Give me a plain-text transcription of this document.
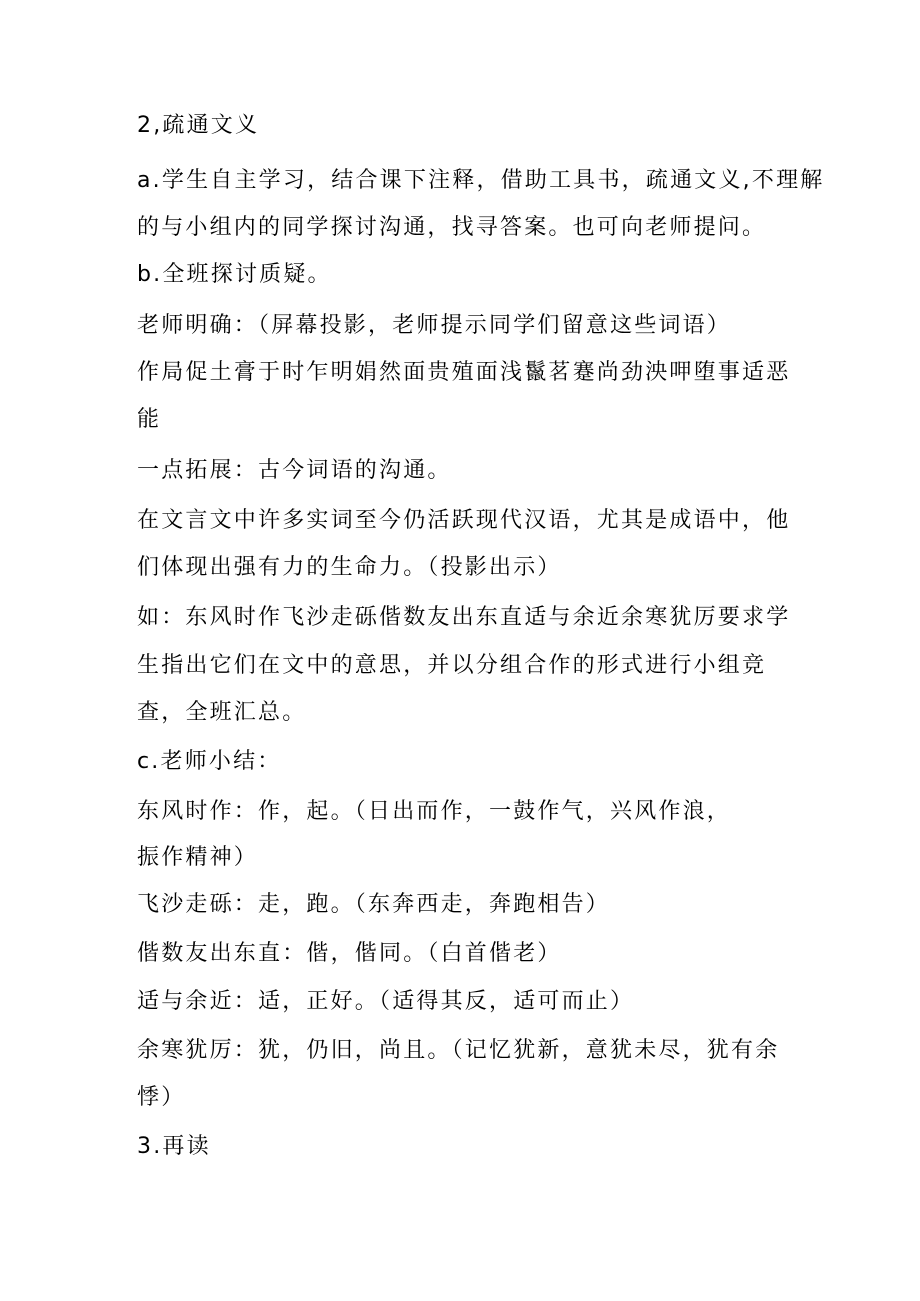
2,疏通文义
a.学生自主学习，结合课下注释，借助工具书，疏通文义,不理解
的与小组内的同学探讨沟通，找寻答案。也可向老师提问。
b.全班探讨质疑。
老师明确：（屏幕投影，老师提示同学们留意这些词语）
作局促土膏于时乍明娟然面贵殖面浅鬣茗蹇尚劲泱呷堕事适恶
能
一点拓展：古今词语的沟通。
在文言文中许多实词至今仍活跃现代汉语，尤其是成语中，他
们体现出强有力的生命力。（投影出示）
如：东风时作飞沙走砾偕数友出东直适与余近余寒犹厉要求学
生指出它们在文中的意思，并以分组合作的形式进行小组竞
查，全班汇总。
c.老师小结：
东风时作：作，起。（日出而作，一鼓作气，兴风作浪，
振作精神）
飞沙走砾：走，跑。（东奔西走，奔跑相告）
偕数友出东直：偕，偕同。（白首偕老）
适与余近：适，正好。（适得其反，适可而止）
余寒犹厉：犹，仍旧，尚且。（记忆犹新，意犹未尽，犹有余
悸）
3.再读
